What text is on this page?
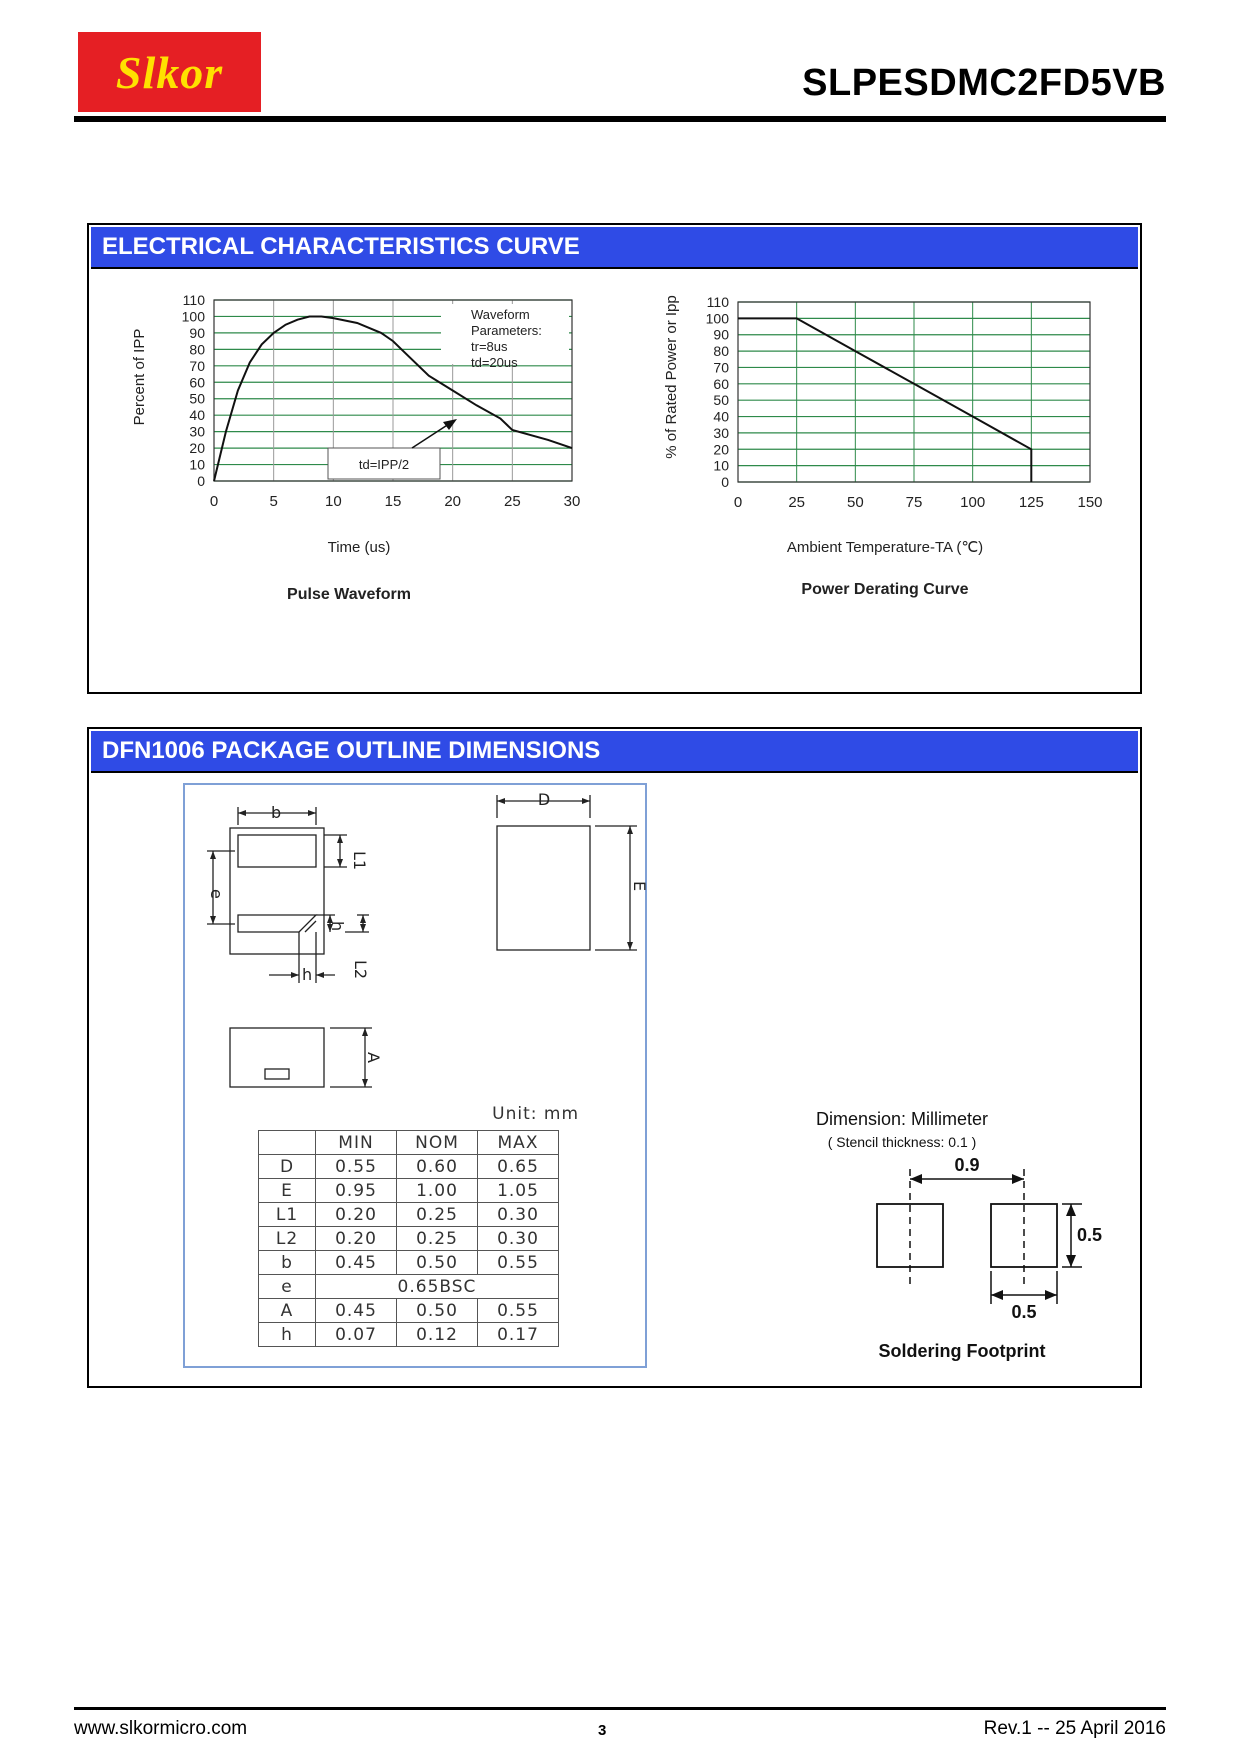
Slkor	SLPESDMC2FD5VB
ELECTRICAL CHARACTERISTICS CURVE
110
100
90
80
70
60
50
40
30
20
10
0
0	5	10	15	20	25	30
Time (us)
Pulse Waveform
Percent of IPP
110
100
90
80
70
60
50
40
30
20
10
0
0	25	50	75	100 125 150
Ambient Temperature-TA (℃)
Power Derating Curve
% of Rated Power or Ipp
Waveform
Parameters:
tr=8us
td=20us
td=IPP/2
DFN1006 PACKAGE OUTLINE DIMENSIONS
b
D
L1
e
h
L2
h
E
A
Unit: mm
	MIN	NOM	MAX
D	0.55	0.60	0.65
E	0.95	1.00	1.05
L1	0.20	0.25	0.30
L2	0.20	0.25	0.30
b	0.45	0.50	0.55
e	0.65BSC		
A	0.45	0.50	0.55
h	0.07	0.12	0.17
Dimension: Millimeter
( Stencil thickness: 0.1 )
0.9
0.5
0.5
Soldering Footprint
www.slkormicro.com	3	Rev.1 -- 25 April 2016
